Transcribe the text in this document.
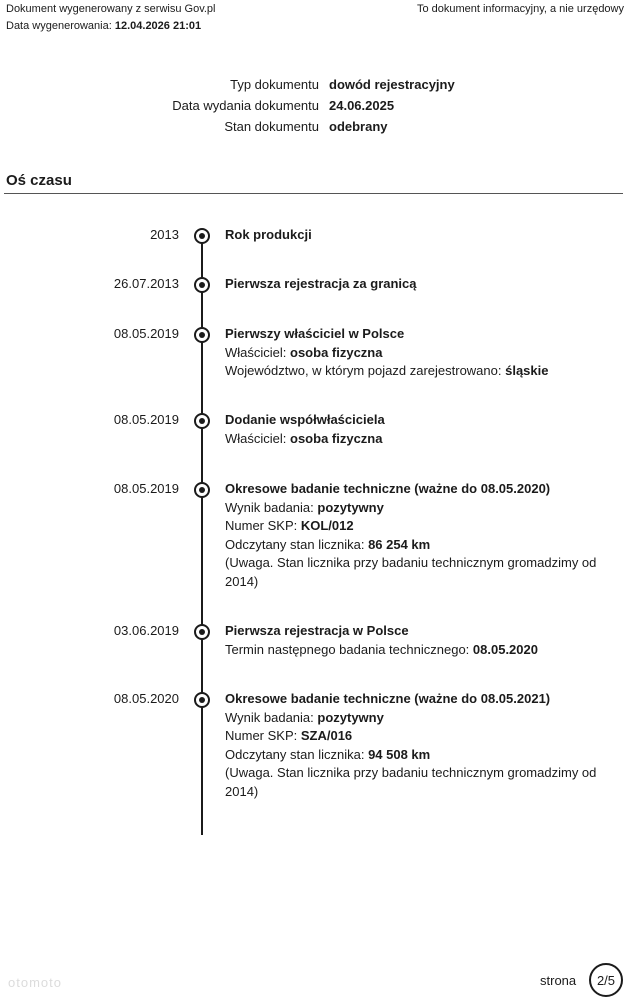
Dokument wygenerowany z serwisu Gov.pl
Data wygenerowania: 12.04.2026 21:01
To dokument informacyjny, a nie urzędowy
Typ dokumentu dowód rejestracyjny
Data wydania dokumentu 24.06.2025
Stan dokumentu odebrany
Oś czasu
2013	Rok produkcji
26.07.2013	Pierwsza rejestracja za granicą
08.05.2019	Pierwszy właściciel w Polsce
Właściciel: osoba fizyczna
Województwo, w którym pojazd zarejestrowano: śląskie
08.05.2019	Dodanie współwłaściciela
Właściciel: osoba fizyczna
08.05.2019	Okresowe badanie techniczne (ważne do 08.05.2020)
Wynik badania: pozytywny
Numer SKP: KOL/012
Odczytany stan licznika: 86 254 km
(Uwaga. Stan licznika przy badaniu technicznym gromadzimy od 2014)
03.06.2019	Pierwsza rejestracja w Polsce
Termin następnego badania technicznego: 08.05.2020
08.05.2020	Okresowe badanie techniczne (ważne do 08.05.2021)
Wynik badania: pozytywny
Numer SKP: SZA/016
Odczytany stan licznika: 94 508 km
(Uwaga. Stan licznika przy badaniu technicznym gromadzimy od 2014)
otomoto	strona	2/5
